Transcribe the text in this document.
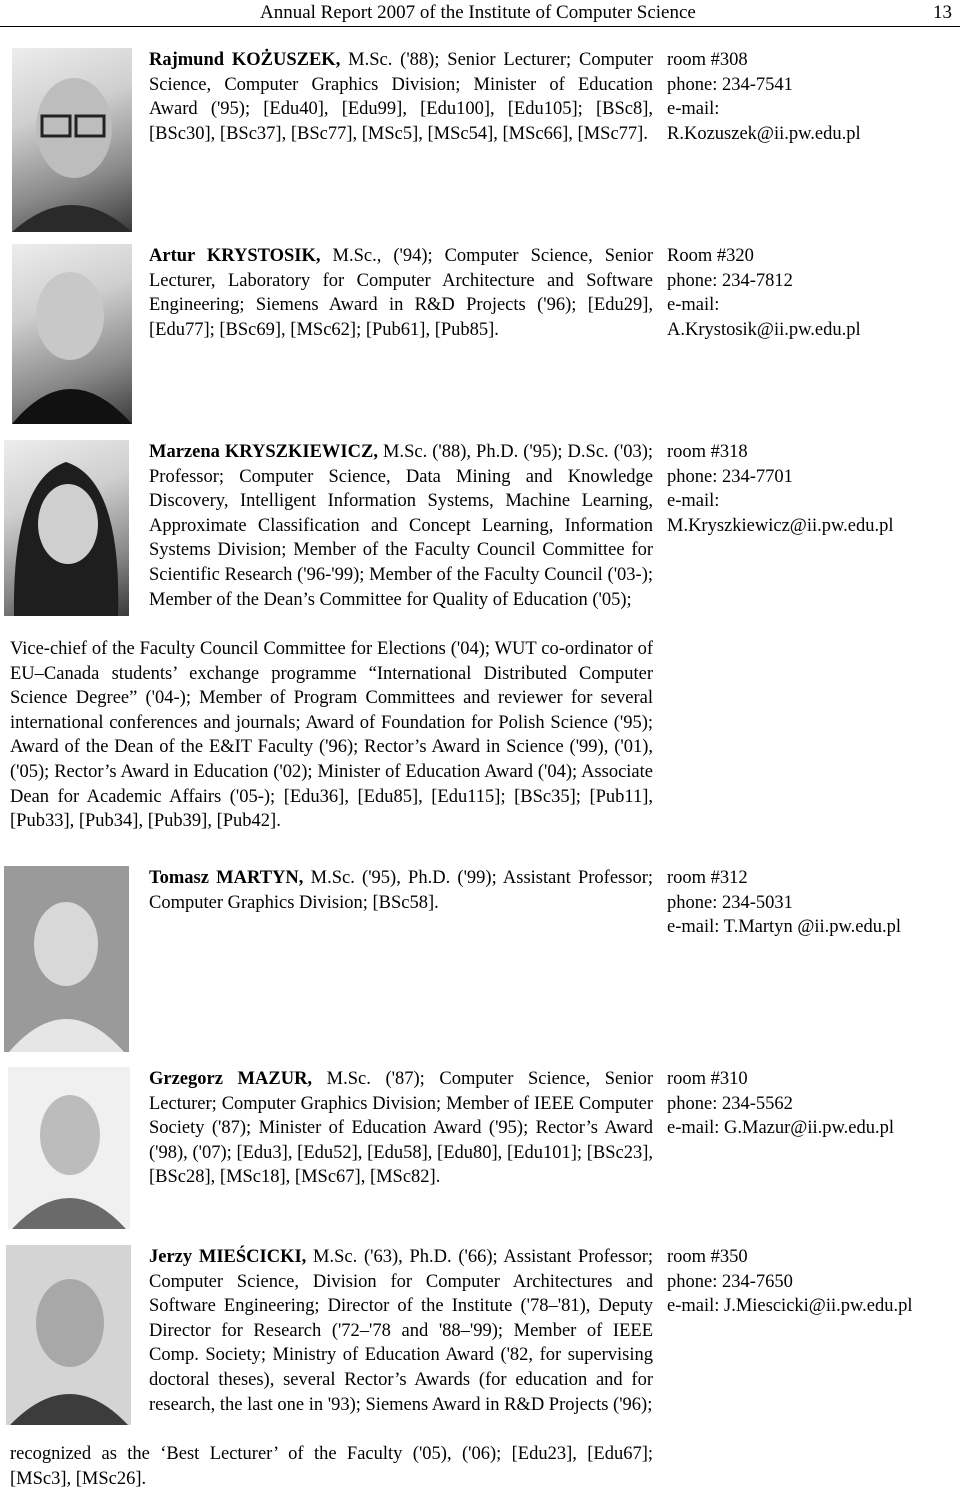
Annual Report 2007 of the Institute of Computer Science	13

Rajmund KOŻUSZEK, M.Sc. ('88); Senior Lecturer; Computer Science, Computer Graphics Division; Minister of Education Award ('95); [Edu40], [Edu99], [Edu100], [Edu105]; [BSc8], [BSc30], [BSc37], [BSc77], [MSc5], [MSc54], [MSc66], [MSc77].

room #308
phone: 234-7541
e-mail:
R.Kozuszek@ii.pw.edu.pl

Artur KRYSTOSIK, M.Sc., ('94); Computer Science, Senior Lecturer, Laboratory for Computer Architecture and Software Engineering; Siemens Award in R&D Projects ('96); [Edu29], [Edu77]; [BSc69], [MSc62]; [Pub61], [Pub85].

Room #320
phone: 234-7812
e-mail:
A.Krystosik@ii.pw.edu.pl

Marzena KRYSZKIEWICZ, M.Sc. ('88), Ph.D. ('95); D.Sc. ('03); Professor; Computer Science, Data Mining and Knowledge Discovery, Intelligent Information Systems, Machine Learning, Approximate Classification and Concept Learning, Information Systems Division; Member of the Faculty Council Committee for Scientific Research ('96-'99); Member of the Faculty Council ('03-); Member of the Dean’s Committee for Quality of Education ('05);

Vice-chief of the Faculty Council Committee for Elections ('04); WUT co-ordinator of EU–Canada students’ exchange programme “International Distributed Computer Science Degree” ('04-); Member of Program Committees and reviewer for several international conferences and journals; Award of Foundation for Polish Science ('95); Award of the Dean of the E&IT Faculty ('96); Rector’s Award in Science ('99), ('01), ('05); Rector’s Award in Education ('02); Minister of Education Award ('04); Associate Dean for Academic Affairs ('05-); [Edu36], [Edu85], [Edu115]; [BSc35]; [Pub11], [Pub33], [Pub34], [Pub39], [Pub42].

room #318
phone: 234-7701
e-mail:
M.Kryszkiewicz@ii.pw.edu.pl

Tomasz MARTYN, M.Sc. ('95), Ph.D. ('99); Assistant Professor; Computer Graphics Division; [BSc58].

room #312
phone: 234-5031
e-mail: T.Martyn @ii.pw.edu.pl

Grzegorz MAZUR, M.Sc. ('87); Computer Science, Senior Lecturer; Computer Graphics Division; Member of IEEE Computer Society ('87); Minister of Education Award ('95); Rector’s Award ('98), ('07); [Edu3], [Edu52], [Edu58], [Edu80], [Edu101]; [BSc23], [BSc28], [MSc18], [MSc67], [MSc82].

room #310
phone: 234-5562
e-mail: G.Mazur@ii.pw.edu.pl

Jerzy MIEŚCICKI, M.Sc. ('63), Ph.D. ('66); Assistant Professor; Computer Science, Division for Computer Architectures and Software Engineering; Director of the Institute ('78–'81), Deputy Director for Research ('72–'78 and '88–'99); Member of IEEE Comp. Society; Ministry of Education Award ('82, for supervising doctoral theses), several Rector’s Awards (for education and for research, the last one in '93); Siemens Award in R&D Projects ('96);

recognized as the ‘Best Lecturer’ of the Faculty ('05), ('06); [Edu23], [Edu67]; [MSc3], [MSc26].

room #350
phone: 234-7650
e-mail: J.Miescicki@ii.pw.edu.pl
